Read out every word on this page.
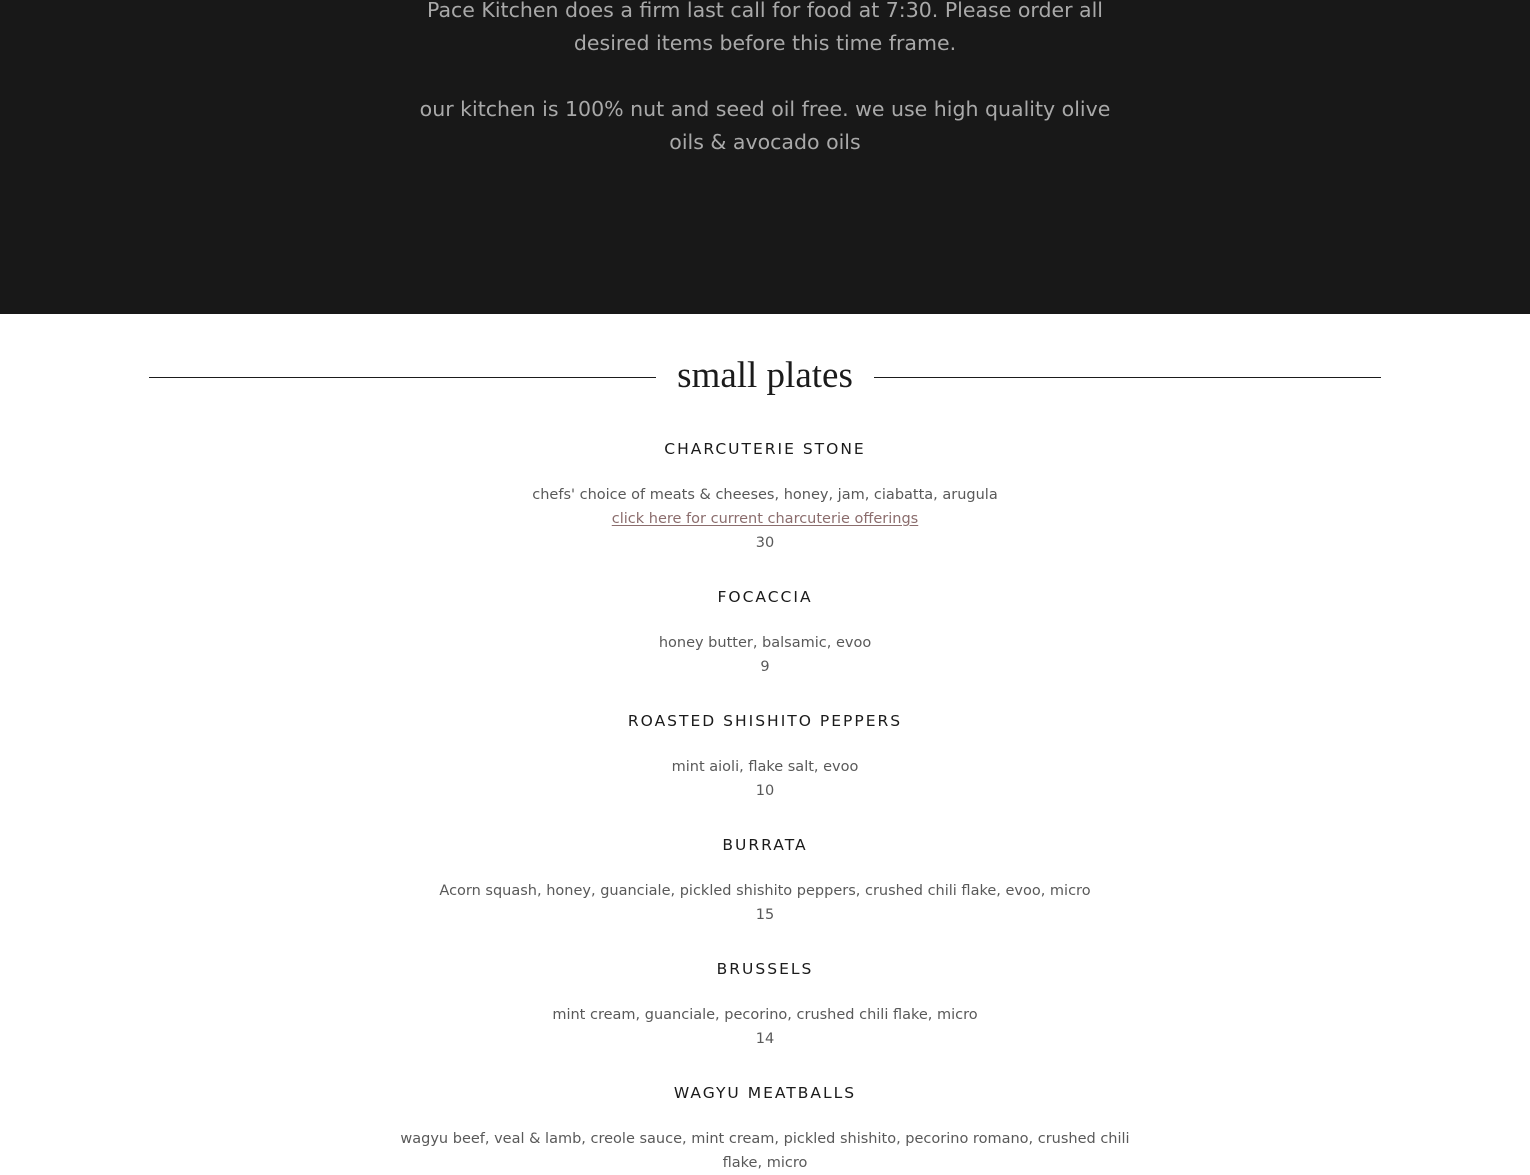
Pace Kitchen does a firm last call for food at 7:30. Please order all
desired items before this time frame.

our kitchen is 100% nut and seed oil free. we use high quality olive
oils & avocado oils

small plates
CHARCUTERIE STONE

chefs' choice of meats & cheeses, honey, jam, ciabatta, arugula

click here for current charcuterie offerings

30

FOCACCIA

honey butter, balsamic, evoo

9

ROASTED SHISHITO PEPPERS

mint aioli, flake salt, evoo

10

BURRATA

Acorn squash, honey, guanciale, pickled shishito peppers, crushed chili flake, evoo, micro

15

BRUSSELS

mint cream, guanciale, pecorino, crushed chili flake, micro

14

WAGYU MEATBALLS

wagyu beef, veal & lamb, creole sauce, mint cream, pickled shishito, pecorino romano, crushed chili

flake, micro
